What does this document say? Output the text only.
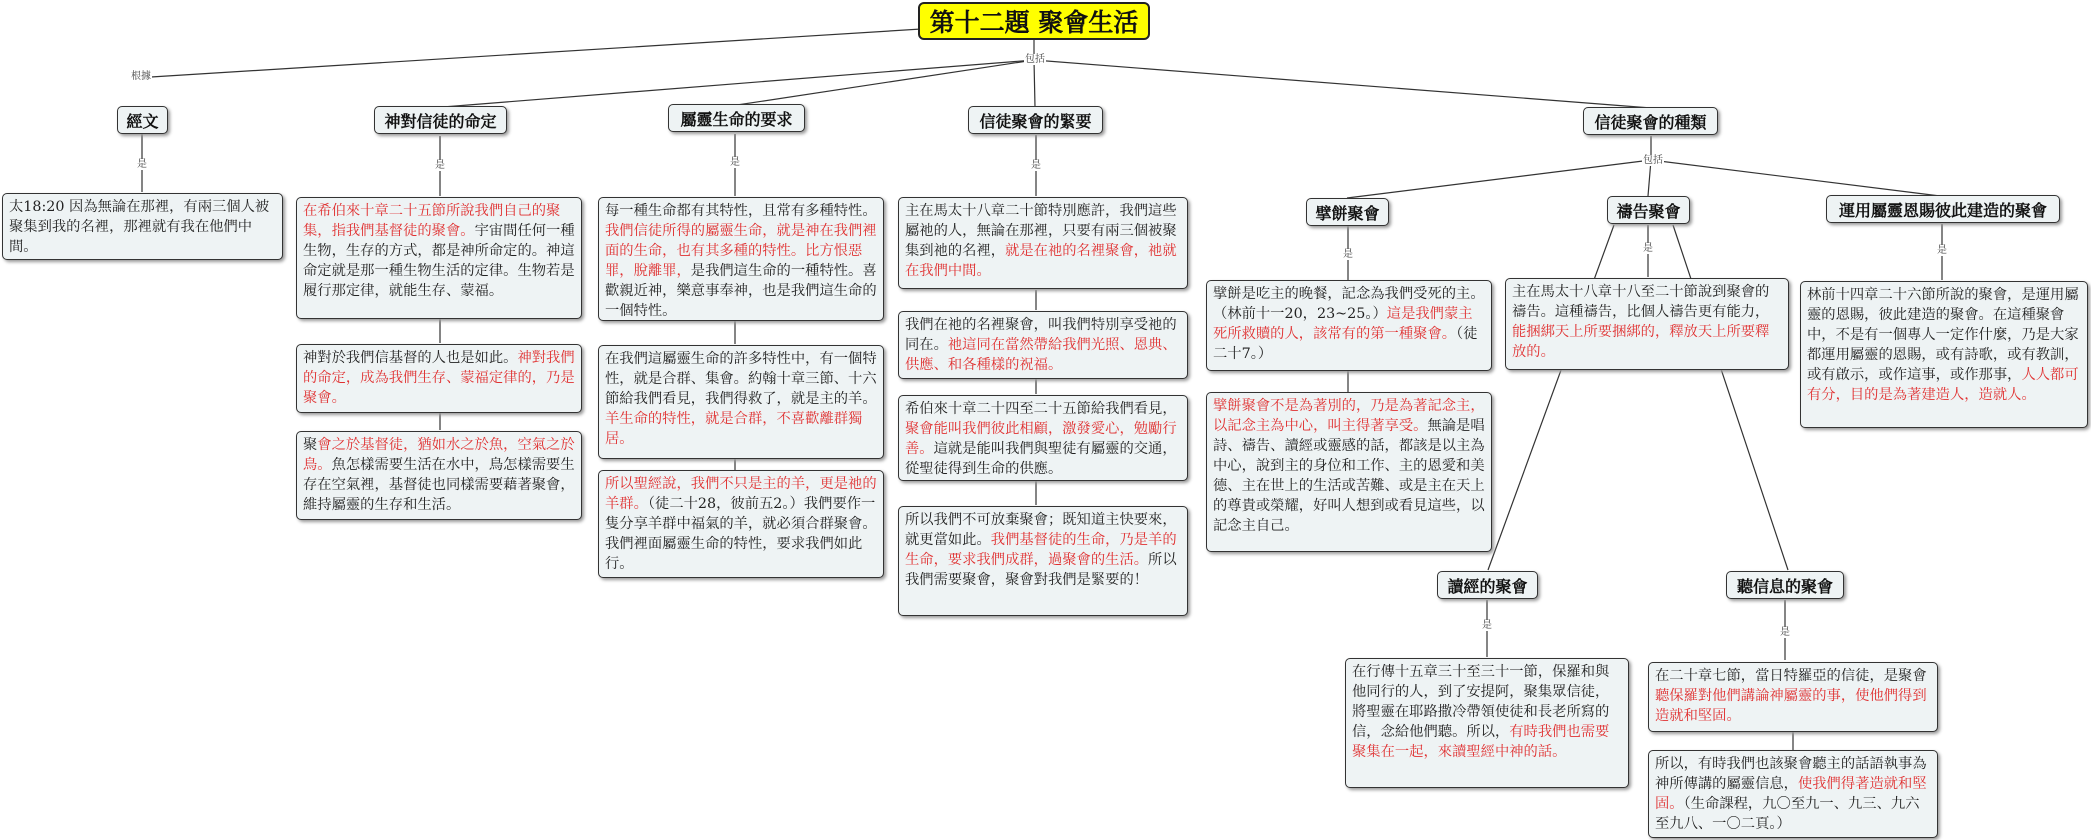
第十二題 聚會生活
根據
包括
是	是	是	是	包括
是
是	是
是
是
經文	神對信徒的命定	屬靈生命的要求	信徒聚會的緊要	信徒聚會的種類
擘餅聚會	禱告聚會	運用屬靈恩賜彼此建造的聚會
讀經的聚會	聽信息的聚會
太18:20 因為無論在那裡，有兩三個人被聚集到我的名裡，那裡就有我在他們中間。
在希伯來十章二十五節所說我們自己的聚集，指我們基督徒的聚會。宇宙間任何一種生物，生存的方式，都是神所命定的。神這命定就是那一種生物生活的定律。生物若是履行那定律，就能生存、蒙福。
神對於我們信基督的人也是如此。神對我們的命定，成為我們生存、蒙福定律的，乃是聚會。
聚會之於基督徒，猶如水之於魚，空氣之於鳥。魚怎樣需要生活在水中，鳥怎樣需要生存在空氣裡，基督徒也同樣需要藉著聚會，維持屬靈的生存和生活。
每一種生命都有其特性，且常有多種特性。我們信徒所得的屬靈生命，就是神在我們裡面的生命，也有其多種的特性。比方恨惡罪，脫離罪，是我們這生命的一種特性。喜歡親近神，樂意事奉神，也是我們這生命的一個特性。
在我們這屬靈生命的許多特性中，有一個特性，就是合群、集會。約翰十章三節、十六節給我們看見，我們得救了，就是主的羊。羊生命的特性，就是合群，不喜歡離群獨居。
所以聖經說，我們不只是主的羊，更是祂的羊群。（徒二十28，彼前五2。）我們要作一隻分享羊群中福氣的羊，就必須合群聚會。我們裡面屬靈生命的特性，要求我們如此行。
主在馬太十八章二十節特別應許，我們這些屬祂的人，無論在那裡，只要有兩三個被聚集到祂的名裡，就是在祂的名裡聚會，祂就在我們中間。
我們在祂的名裡聚會，叫我們特別享受祂的同在。祂這同在當然帶給我們光照、恩典、供應、和各種樣的祝福。
希伯來十章二十四至二十五節給我們看見，聚會能叫我們彼此相顧，激發愛心，勉勵行善。這就是能叫我們與聖徒有屬靈的交通，從聖徒得到生命的供應。
所以我們不可放棄聚會；既知道主快要來，就更當如此。我們基督徒的生命，乃是羊的生命，要求我們成群，過聚會的生活。所以我們需要聚會，聚會對我們是緊要的！
擘餅是吃主的晚餐，記念為我們受死的主。（林前十一20，23~25。）這是我們蒙主死所救贖的人，該常有的第一種聚會。（徒二十7。）
擘餅聚會不是為著別的，乃是為著記念主，以記念主為中心，叫主得著享受。無論是唱詩、禱告、讀經或靈感的話，都該是以主為中心，說到主的身位和工作、主的恩愛和美德、主在世上的生活或苦難、或是主在天上的尊貴或榮耀，好叫人想到或看見這些，以記念主自己。
主在馬太十八章十八至二十節說到聚會的禱告。這種禱告，比個人禱告更有能力，能捆綁天上所要捆綁的，釋放天上所要釋放的。
林前十四章二十六節所說的聚會，是運用屬靈的恩賜，彼此建造的聚會。在這種聚會中，不是有一個專人一定作什麼，乃是大家都運用屬靈的恩賜，或有詩歌，或有教訓，或有啟示，或作這事，或作那事，人人都可有分，目的是為著建造人，造就人。
在行傳十五章三十至三十一節，保羅和與他同行的人，到了安提阿，聚集眾信徒，將聖靈在耶路撒冷帶領使徒和長老所寫的信，念給他們聽。所以，有時我們也需要聚集在一起，來讀聖經中神的話。
在二十章七節，當日特羅亞的信徒，是聚會聽保羅對他們講論神屬靈的事，使他們得到造就和堅固。
所以，有時我們也該聚會聽主的話語執事為神所傳講的屬靈信息，使我們得著造就和堅固。（生命課程，九〇至九一、九三、九六至九八、一〇二頁。）
